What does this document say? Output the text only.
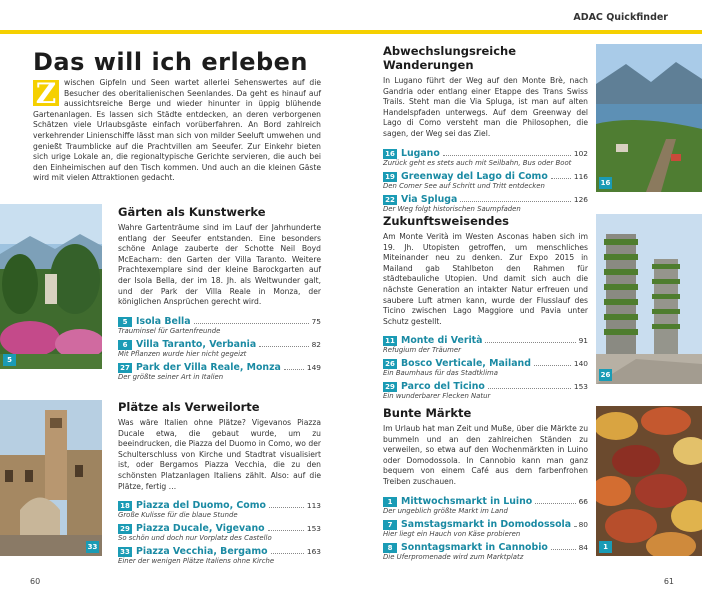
Das will ich erleben
Z	wischen Gipfeln und Seen wartet allerlei Sehenswertes auf die Besucher des oberitalienischen Seenlandes. Da geht es hinauf auf aussichtsreiche Berge und wieder hinunter in üppig blühende Gartenanlagen. Es lassen sich Städte entdecken, an deren verborgenen Schätzen viele Urlaubsgäste einfach vorüberfahren. An Bord zahlreich verkehrender Linienschiffe lässt man sich von milder Seeluft umwehen und genießt Traumblicke auf die Prachtvillen am Seeufer. Zur Einkehr bieten sich urige Lokale an, die regionaltypische Gerichte servieren, die auch bei den Einheimischen auf den Tisch kommen. Und auch an die kleinen Gäste wird mit vielen Attraktionen gedacht.
5
Gärten als Kunstwerke

Wahre Gartenträume sind im Lauf der Jahrhunderte entlang der Seeufer entstanden. Eine besonders schöne Anlage zauberte der Schotte Neil Boyd McEacharn: den Garten der Villa Taranto. Weitere Prachtexemplare sind der kleine Barockgarten auf der Isola Bella, der im 18. Jh. als Weltwunder galt, und der Park der Villa Reale in Monza, der königlichen Ansprüchen gerecht wird.

5 Isola Bella	75
Trauminsel für Gartenfreunde
6 Villa Taranto, Verbania	82
Mit Pflanzen wurde hier nicht gegeizt
27 Park der Villa Reale, Monza	149
Der größte seiner Art in Italien
33
Plätze als Verweilorte

Was wäre Italien ohne Plätze? Vigevanos Piazza Ducale etwa, die gebaut wurde, um zu beeindrucken, die Piazza del Duomo in Como, wo der Schulterschluss von Kirche und Stadtrat visualisiert ist, oder Bergamos Piazza Vecchia, die zu den schönsten Platzanlagen Italiens zählt. Also: auf die Plätze, fertig …

18 Piazza del Duomo, Como	113
Große Kulisse für die blaue Stunde
29 Piazza Ducale, Vigevano	153
So schön und doch nur Vorplatz des Castello
33 Piazza Vecchia, Bergamo	163
Einer der wenigen Plätze Italiens ohne Kirche
60
ADAC Quickfinder
Abwechslungsreiche Wanderungen

In Lugano führt der Weg auf den Monte Brè, nach Gandria oder entlang einer Etappe des Trans Swiss Trails. Steht man die Via Spluga, ist man auf alten Handelspfaden unterwegs. Auf dem Greenway del Lago di Como versteht man die Philosophen, die sagen, der Weg sei das Ziel.

16 Lugano	102
Zurück geht es stets auch mit Seilbahn, Bus oder Boot
19 Greenway del Lago di Como	116
Den Comer See auf Schritt und Tritt entdecken
22 Via Spluga	126
Der Weg folgt historischen Saumpfaden
16
Zukunftsweisendes

Am Monte Verità im Westen Asconas haben sich im 19. Jh. Utopisten getroffen, um menschliches Miteinander neu zu denken. Zur Expo 2015 in Mailand gab Stahlbeton den Rahmen für städtebauliche Utopien. Und damit sich auch die nächste Generation an intakter Natur erfreuen und saubere Luft atmen kann, wurde der Flusslauf des Ticino zwischen Lago Maggiore und Pavia unter Schutz gestellt.

11 Monte di Verità	91
Refugium der Träumer
26 Bosco Verticale, Mailand	140
Ein Baumhaus für das Stadtklima
29 Parco del Ticino	153
Ein wunderbarer Flecken Natur
26
Bunte Märkte

Im Urlaub hat man Zeit und Muße, über die Märkte zu bummeln und an den zahlreichen Ständen zu verweilen, so etwa auf den Wochenmärkten in Luino oder Domodossola. In Cannobio kann man ganz bequem von einem Café aus dem farbenfrohen Treiben zuschauen.

1 Mittwochsmarkt in Luino	66
Der ungeblich größte Markt im Land
7 Samstagsmarkt in Domodossola 80
Hier liegt ein Hauch von Käse probieren
8 Sonntagsmarkt in Cannobio	84
Die Uferpromenade wird zum Marktplatz
1
61
